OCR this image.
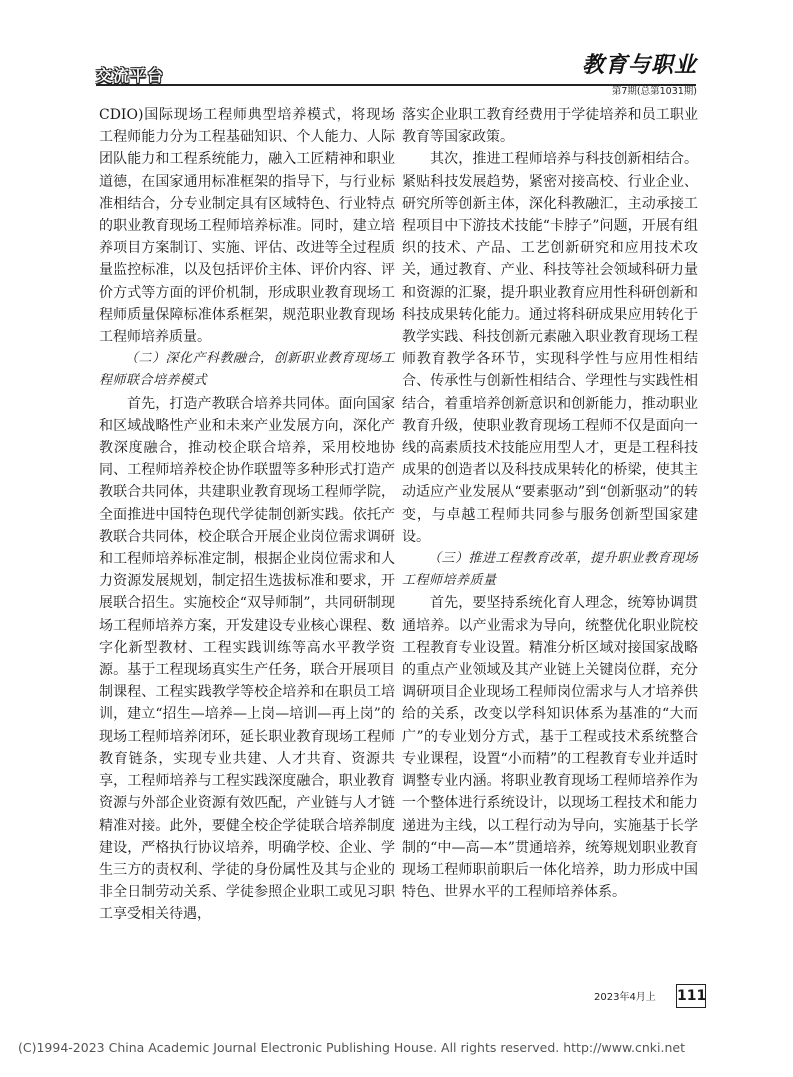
交流平台	教育与职业
第7期(总第1031期)

CDIO)国际现场工程师典型培养模式，将现场工程师能力分为工程基础知识、个人能力、人际团队能力和工程系统能力，融入工匠精神和职业道德，在国家通用标准框架的指导下，与行业标准相结合，分专业制定具有区域特色、行业特点的职业教育现场工程师培养标准。同时，建立培养项目方案制订、实施、评估、改进等全过程质量监控标准，以及包括评价主体、评价内容、评价方式等方面的评价机制，形成职业教育现场工程师质量保障标准体系框架，规范职业教育现场工程师培养质量。

（二）深化产科教融合，创新职业教育现场工程师联合培养模式

首先，打造产教联合培养共同体。面向国家和区域战略性产业和未来产业发展方向，深化产教深度融合，推动校企联合培养，采用校地协同、工程师培养校企协作联盟等多种形式打造产教联合共同体，共建职业教育现场工程师学院，全面推进中国特色现代学徒制创新实践。依托产教联合共同体，校企联合开展企业岗位需求调研和工程师培养标准定制，根据企业岗位需求和人力资源发展规划，制定招生选拔标准和要求，开展联合招生。实施校企“双导师制”，共同研制现场工程师培养方案，开发建设专业核心课程、数字化新型教材、工程实践训练等高水平教学资源。基于工程现场真实生产任务，联合开展项目制课程、工程实践教学等校企培养和在职员工培训，建立“招生—培养—上岗—培训—再上岗”的现场工程师培养闭环，延长职业教育现场工程师教育链条，实现专业共建、人才共育、资源共享，工程师培养与工程实践深度融合，职业教育资源与外部企业资源有效匹配，产业链与人才链精准对接。此外，要健全校企学徒联合培养制度建设，严格执行协议培养，明确学校、企业、学生三方的责权利、学徒的身份属性及其与企业的非全日制劳动关系、学徒参照企业职工或见习职工享受相关待遇，

落实企业职工教育经费用于学徒培养和员工职业教育等国家政策。

其次，推进工程师培养与科技创新相结合。紧贴科技发展趋势，紧密对接高校、行业企业、研究所等创新主体，深化科教融汇，主动承接工程项目中下游技术技能“卡脖子”问题，开展有组织的技术、产品、工艺创新研究和应用技术攻关，通过教育、产业、科技等社会领域科研力量和资源的汇聚，提升职业教育应用性科研创新和科技成果转化能力。通过将科研成果应用转化于教学实践、科技创新元素融入职业教育现场工程师教育教学各环节，实现科学性与应用性相结合、传承性与创新性相结合、学理性与实践性相结合，着重培养创新意识和创新能力，推动职业教育升级，使职业教育现场工程师不仅是面向一线的高素质技术技能应用型人才，更是工程科技成果的创造者以及科技成果转化的桥梁，使其主动适应产业发展从“要素驱动”到“创新驱动”的转变，与卓越工程师共同参与服务创新型国家建设。

（三）推进工程教育改革，提升职业教育现场工程师培养质量

首先，要坚持系统化育人理念，统筹协调贯通培养。以产业需求为导向，统整优化职业院校工程教育专业设置。精准分析区域对接国家战略的重点产业领域及其产业链上关键岗位群，充分调研项目企业现场工程师岗位需求与人才培养供给的关系，改变以学科知识体系为基准的“大而广”的专业划分方式，基于工程或技术系统整合专业课程，设置“小而精”的工程教育专业并适时调整专业内涵。将职业教育现场工程师培养作为一个整体进行系统设计，以现场工程技术和能力递进为主线，以工程行动为导向，实施基于长学制的“中—高—本”贯通培养，统筹规划职业教育现场工程师职前职后一体化培养，助力形成中国特色、世界水平的工程师培养体系。

2023年4月上 111
(C)1994-2023 China Academic Journal Electronic Publishing House. All rights reserved. http://www.cnki.net
